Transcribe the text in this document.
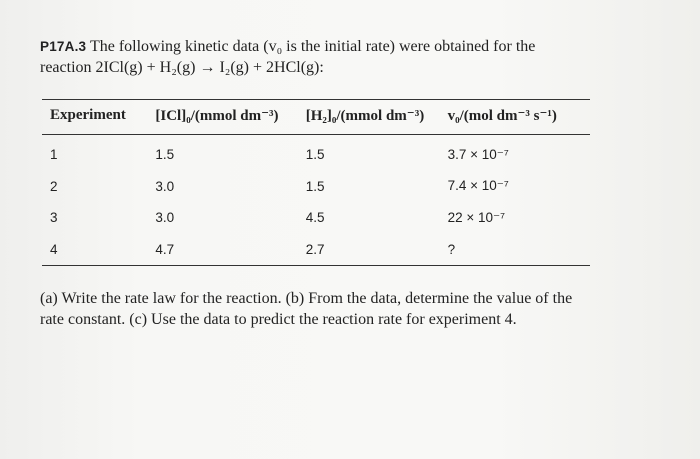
P17A.3 The following kinetic data (v₀ is the initial rate) were obtained for the
reaction 2ICl(g) + H₂(g) → I₂(g) + 2HCl(g):
Experiment	[ICl]₀/(mmol dm⁻³)	[H₂]₀/(mmol dm⁻³)	v₀/(mol dm⁻³ s⁻¹)
1	1.5	1.5	3.7 × 10⁻⁷
2	3.0	1.5	7.4 × 10⁻⁷
3	3.0	4.5	22 × 10⁻⁷
4	4.7	2.7	?
(a) Write the rate law for the reaction. (b) From the data, determine the value of the rate constant. (c) Use the data to predict the reaction rate for experiment 4.
